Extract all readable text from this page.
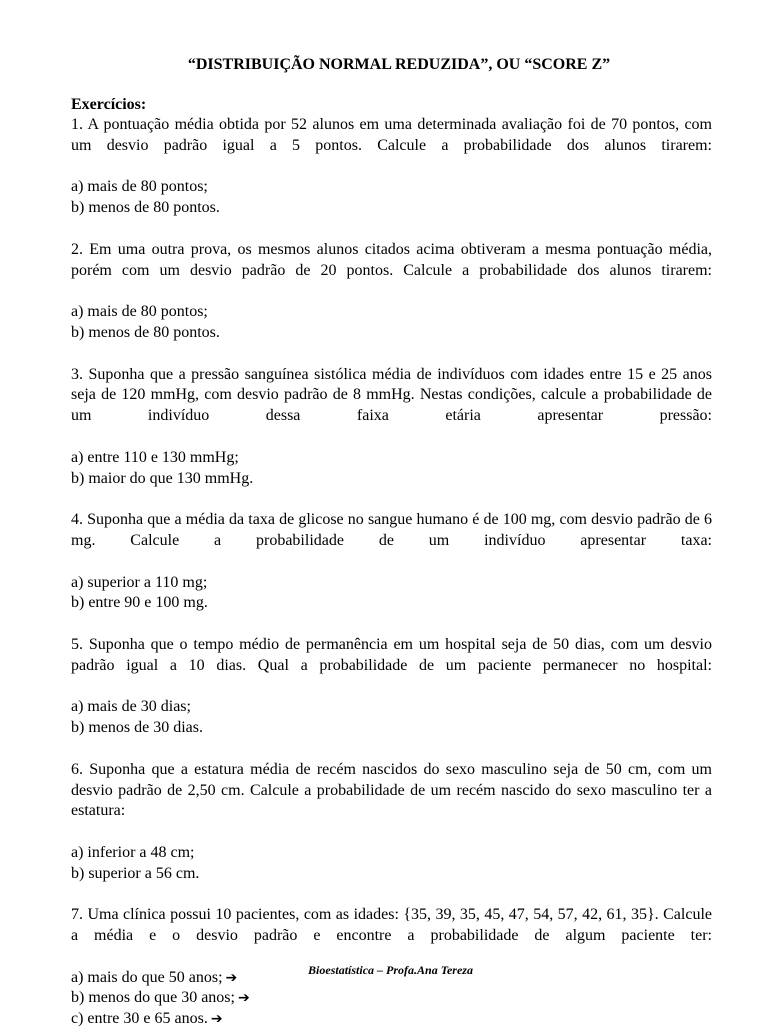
“DISTRIBUIÇÃO NORMAL REDUZIDA”, OU “SCORE Z”
Exercícios:
1. A pontuação média obtida por 52 alunos em uma determinada avaliação foi de 70 pontos, com um desvio padrão igual a 5 pontos. Calcule a probabilidade dos alunos tirarem:
a) mais de 80 pontos;
b) menos de 80 pontos.
2. Em uma outra prova, os mesmos alunos citados acima obtiveram a mesma pontuação média, porém com um desvio padrão de 20 pontos. Calcule a probabilidade dos alunos tirarem:
a) mais de 80 pontos;
b) menos de 80 pontos.
3. Suponha que a pressão sanguínea sistólica média de indivíduos com idades entre 15 e 25 anos seja de 120 mmHg, com desvio padrão de 8 mmHg. Nestas condições, calcule a probabilidade de um indivíduo dessa faixa etária apresentar pressão:
a) entre 110 e 130 mmHg;
b) maior do que 130 mmHg.
4. Suponha que a média da taxa de glicose no sangue humano é de 100 mg, com desvio padrão de 6 mg. Calcule a probabilidade de um indivíduo apresentar taxa:
a) superior a 110 mg;
b) entre 90 e 100 mg.
5. Suponha que o tempo médio de permanência em um hospital seja de 50 dias, com um desvio padrão igual a 10 dias. Qual a probabilidade de um paciente permanecer no hospital:
a) mais de 30 dias;
b) menos de 30 dias.
6. Suponha que a estatura média de recém nascidos do sexo masculino seja de 50 cm, com um desvio padrão de 2,50 cm. Calcule a probabilidade de um recém nascido do sexo masculino ter a estatura:
a) inferior a 48 cm;
b) superior a 56 cm.
7. Uma clínica possui 10 pacientes, com as idades: {35, 39, 35, 45, 47, 54, 57, 42, 61, 35}. Calcule a média e o desvio padrão e encontre a probabilidade de algum paciente ter:
a) mais do que 50 anos; ➔
b) menos do que 30 anos; ➔
c) entre 30 e 65 anos. ➔
Bioestatística – Profa.Ana Tereza
